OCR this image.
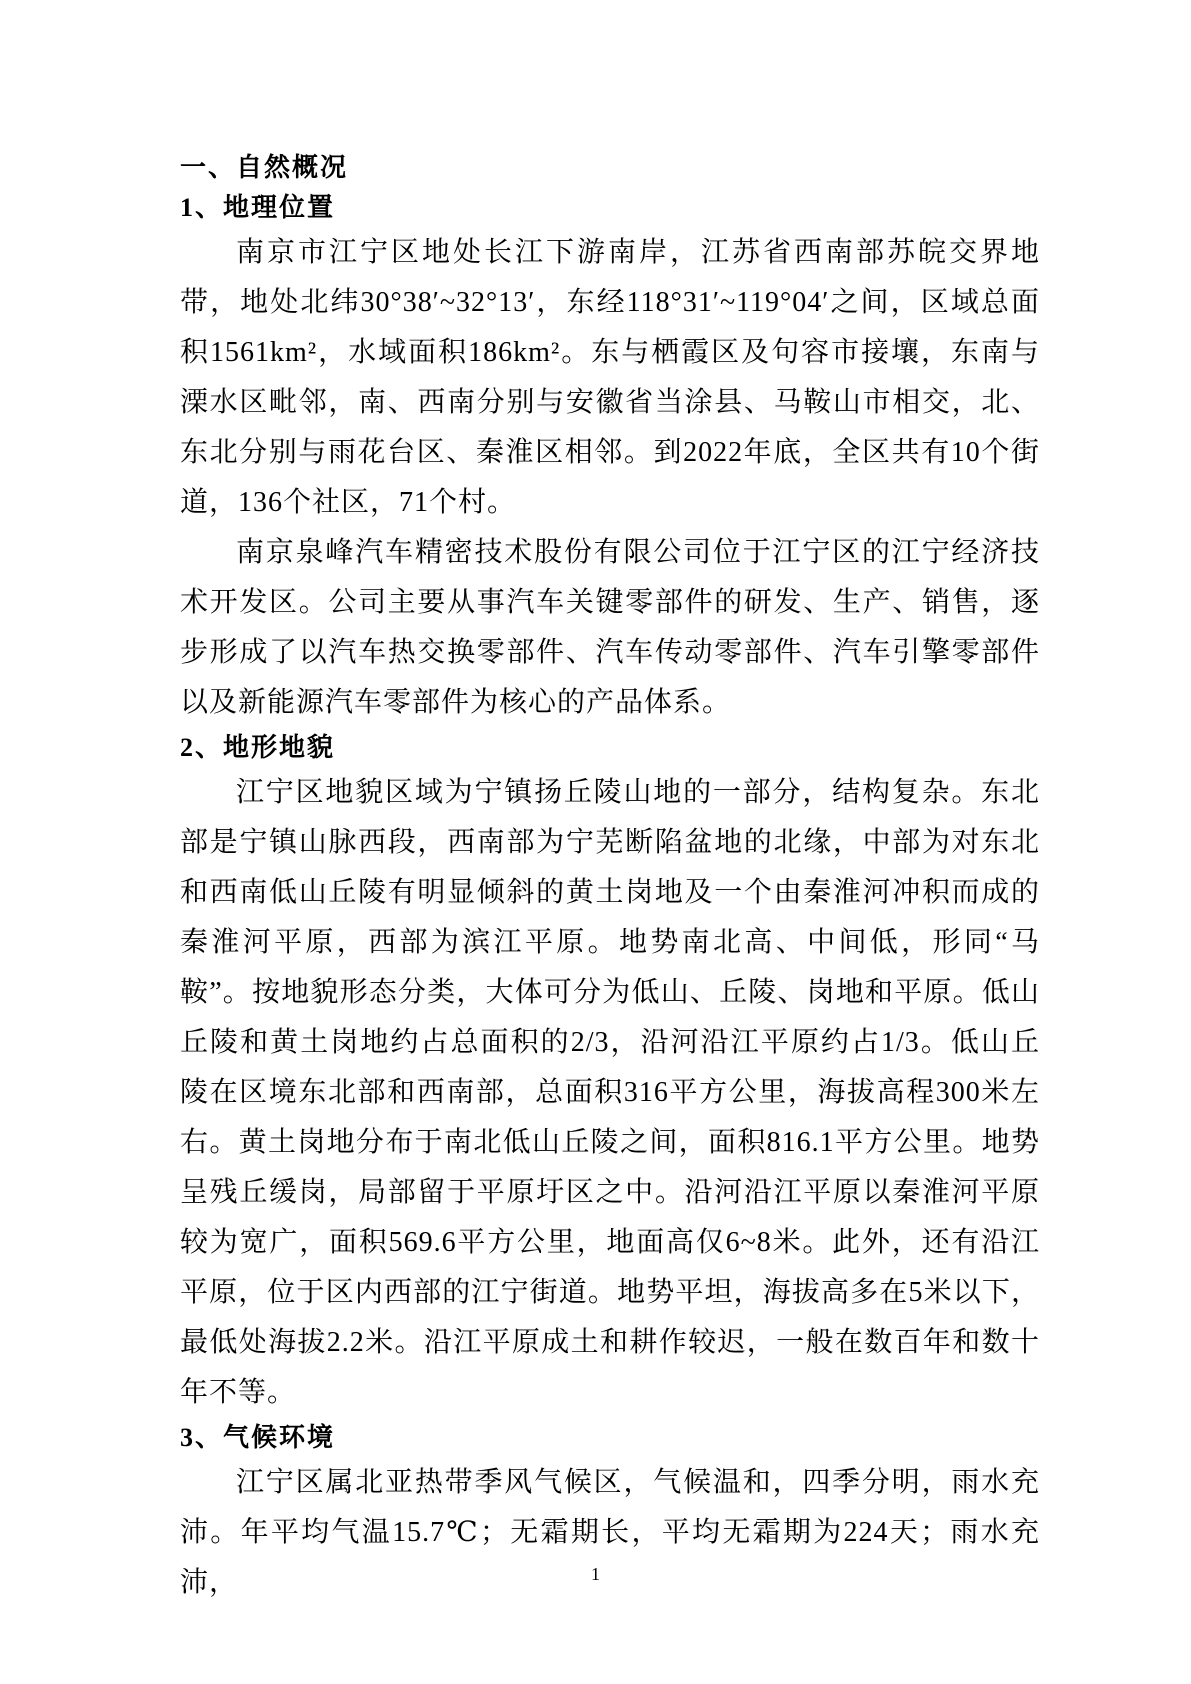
一、自然概况
1、地理位置

南京市江宁区地处长江下游南岸，江苏省西南部苏皖交界地带，地处北纬30°38′~32°13′，东经118°31′~119°04′之间，区域总面积1561km²，水域面积186km²。东与栖霞区及句容市接壤，东南与溧水区毗邻，南、西南分别与安徽省当涂县、马鞍山市相交，北、东北分别与雨花台区、秦淮区相邻。到2022年底，全区共有10个街道，136个社区，71个村。

南京泉峰汽车精密技术股份有限公司位于江宁区的江宁经济技术开发区。公司主要从事汽车关键零部件的研发、生产、销售，逐步形成了以汽车热交换零部件、汽车传动零部件、汽车引擎零部件以及新能源汽车零部件为核心的产品体系。

2、地形地貌

江宁区地貌区域为宁镇扬丘陵山地的一部分，结构复杂。东北部是宁镇山脉西段，西南部为宁芜断陷盆地的北缘，中部为对东北和西南低山丘陵有明显倾斜的黄土岗地及一个由秦淮河冲积而成的秦淮河平原，西部为滨江平原。地势南北高、中间低，形同“马鞍”。按地貌形态分类，大体可分为低山、丘陵、岗地和平原。低山丘陵和黄土岗地约占总面积的2/3，沿河沿江平原约占1/3。低山丘陵在区境东北部和西南部，总面积316平方公里，海拔高程300米左右。黄土岗地分布于南北低山丘陵之间，面积816.1平方公里。地势呈残丘缓岗，局部留于平原圩区之中。沿河沿江平原以秦淮河平原较为宽广，面积569.6平方公里，地面高仅6~8米。此外，还有沿江平原，位于区内西部的江宁街道。地势平坦，海拔高多在5米以下，最低处海拔2.2米。沿江平原成土和耕作较迟，一般在数百年和数十年不等。

3、气候环境

江宁区属北亚热带季风气候区，气候温和，四季分明，雨水充沛。年平均气温15.7℃；无霜期长，平均无霜期为224天；雨水充沛，	1
